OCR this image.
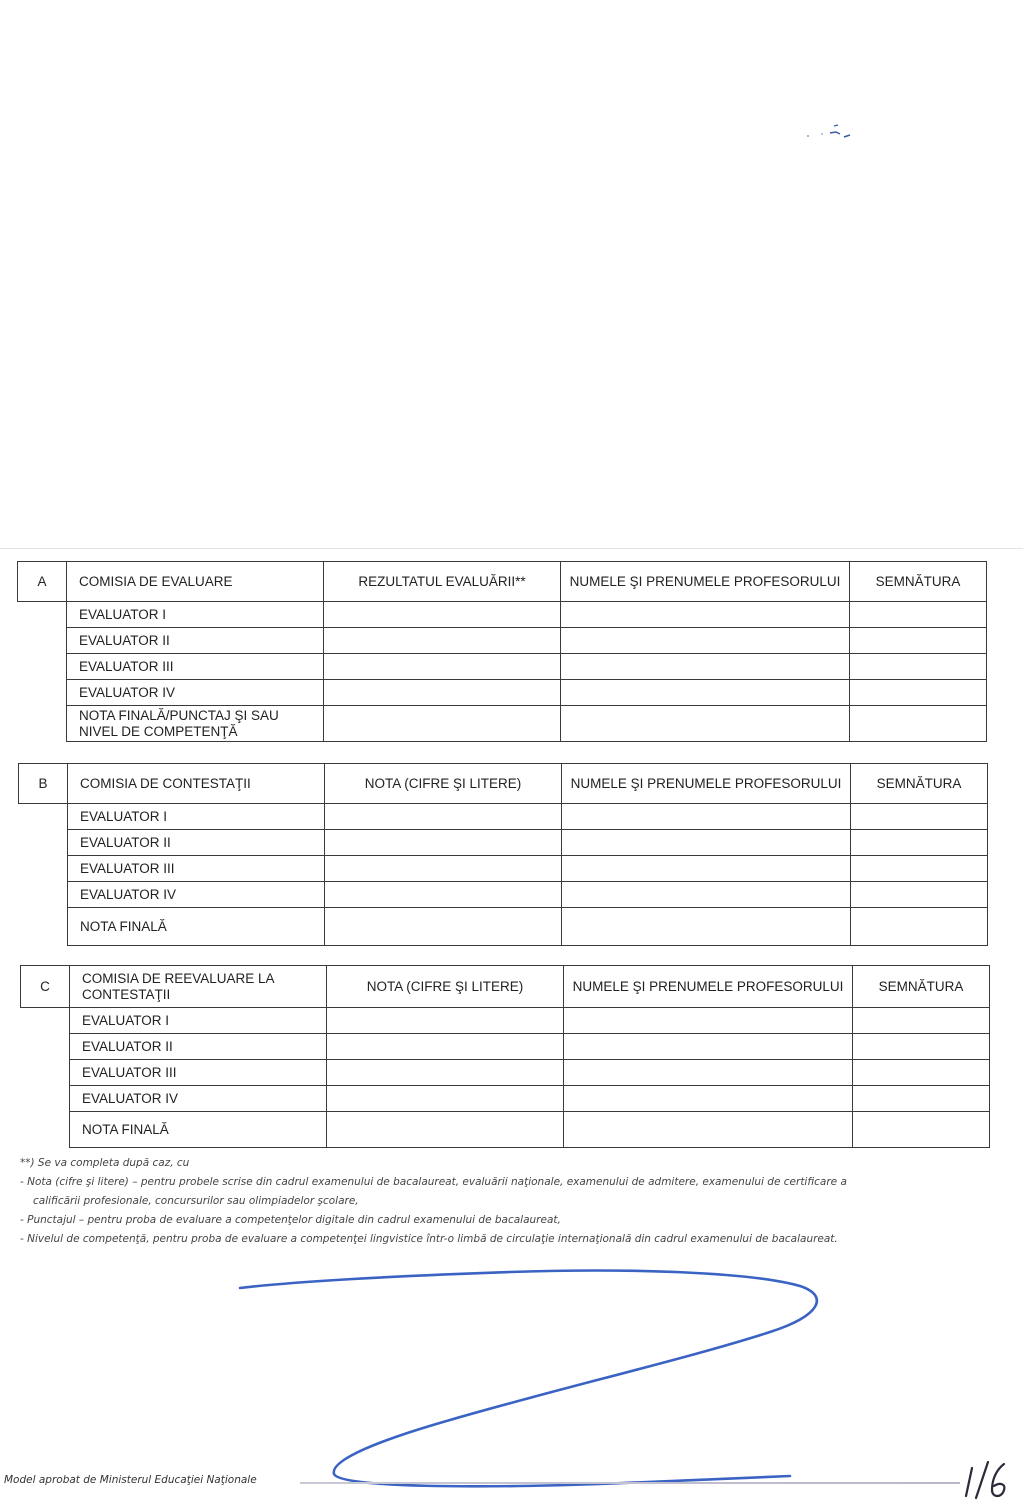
A	COMISIA DE EVALUARE	REZULTATUL EVALUĂRII**	NUMELE ŞI PRENUMELE PROFESORULUI	SEMNĂTURA
	EVALUATOR I			
	EVALUATOR II			
	EVALUATOR III			
	EVALUATOR IV			
	NOTA FINALĂ/PUNCTAJ ŞI SAU NIVEL DE COMPETENŢĂ			
B	COMISIA DE CONTESTAŢII	NOTA (CIFRE ŞI LITERE)	NUMELE ŞI PRENUMELE PROFESORULUI	SEMNĂTURA
	EVALUATOR I			
	EVALUATOR II			
	EVALUATOR III			
	EVALUATOR IV			
	NOTA FINALĂ			
C	COMISIA DE REEVALUARE LA CONTESTAŢII	NOTA (CIFRE ŞI LITERE)	NUMELE ŞI PRENUMELE PROFESORULUI	SEMNĂTURA
	EVALUATOR I			
	EVALUATOR II			
	EVALUATOR III			
	EVALUATOR IV			
	NOTA FINALĂ			
**) Se va completa după caz, cu
- Nota (cifre şi litere) – pentru probele scrise din cadrul examenului de bacalaureat, evaluării naţionale, examenului de admitere, examenului de certificare a
calificării profesionale, concursurilor sau olimpiadelor şcolare,
- Punctajul – pentru proba de evaluare a competenţelor digitale din cadrul examenului de bacalaureat,
- Nivelul de competenţă, pentru proba de evaluare a competenţei lingvistice într-o limbă de circulaţie internaţională din cadrul examenului de bacalaureat.
Model aprobat de Ministerul Educaţiei Naţionale
